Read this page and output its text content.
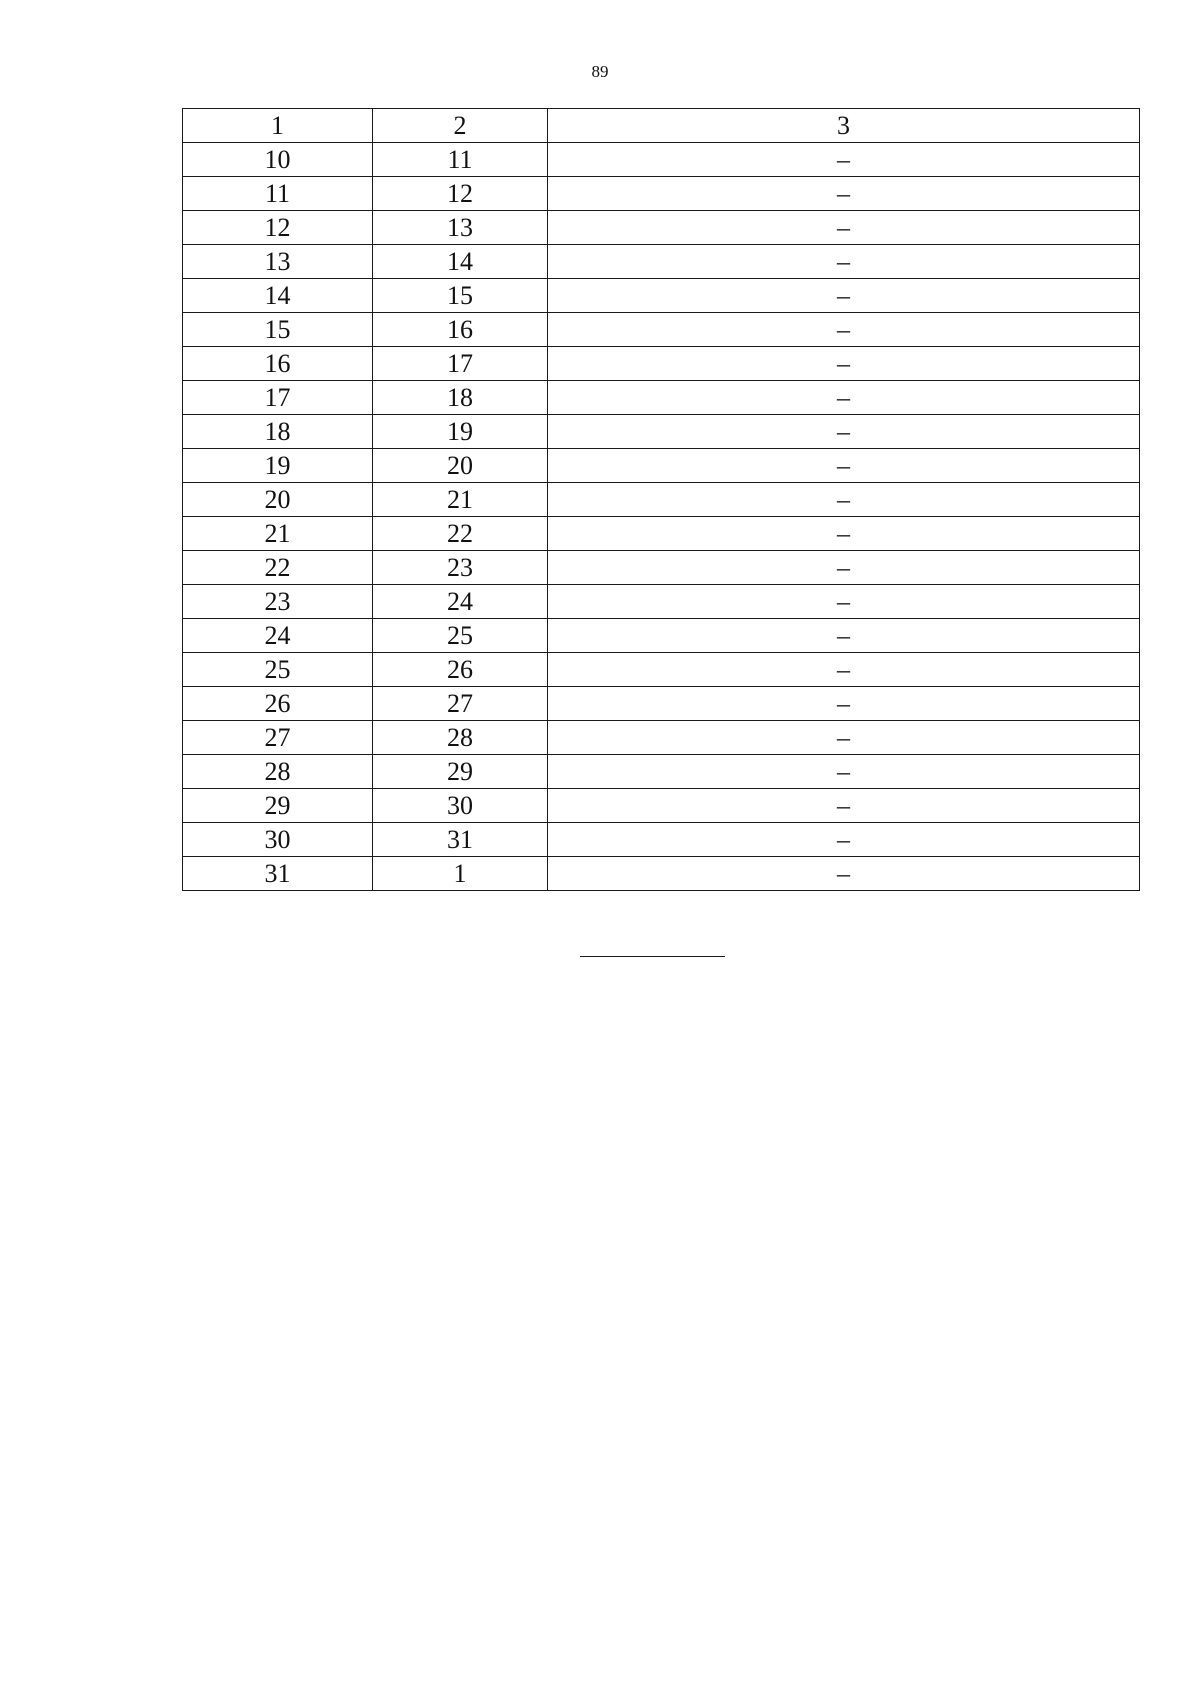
89
1	2	3
10	11	–
11	12	–
12	13	–
13	14	–
14	15	–
15	16	–
16	17	–
17	18	–
18	19	–
19	20	–
20	21	–
21	22	–
22	23	–
23	24	–
24	25	–
25	26	–
26	27	–
27	28	–
28	29	–
29	30	–
30	31	–
31	1	–
